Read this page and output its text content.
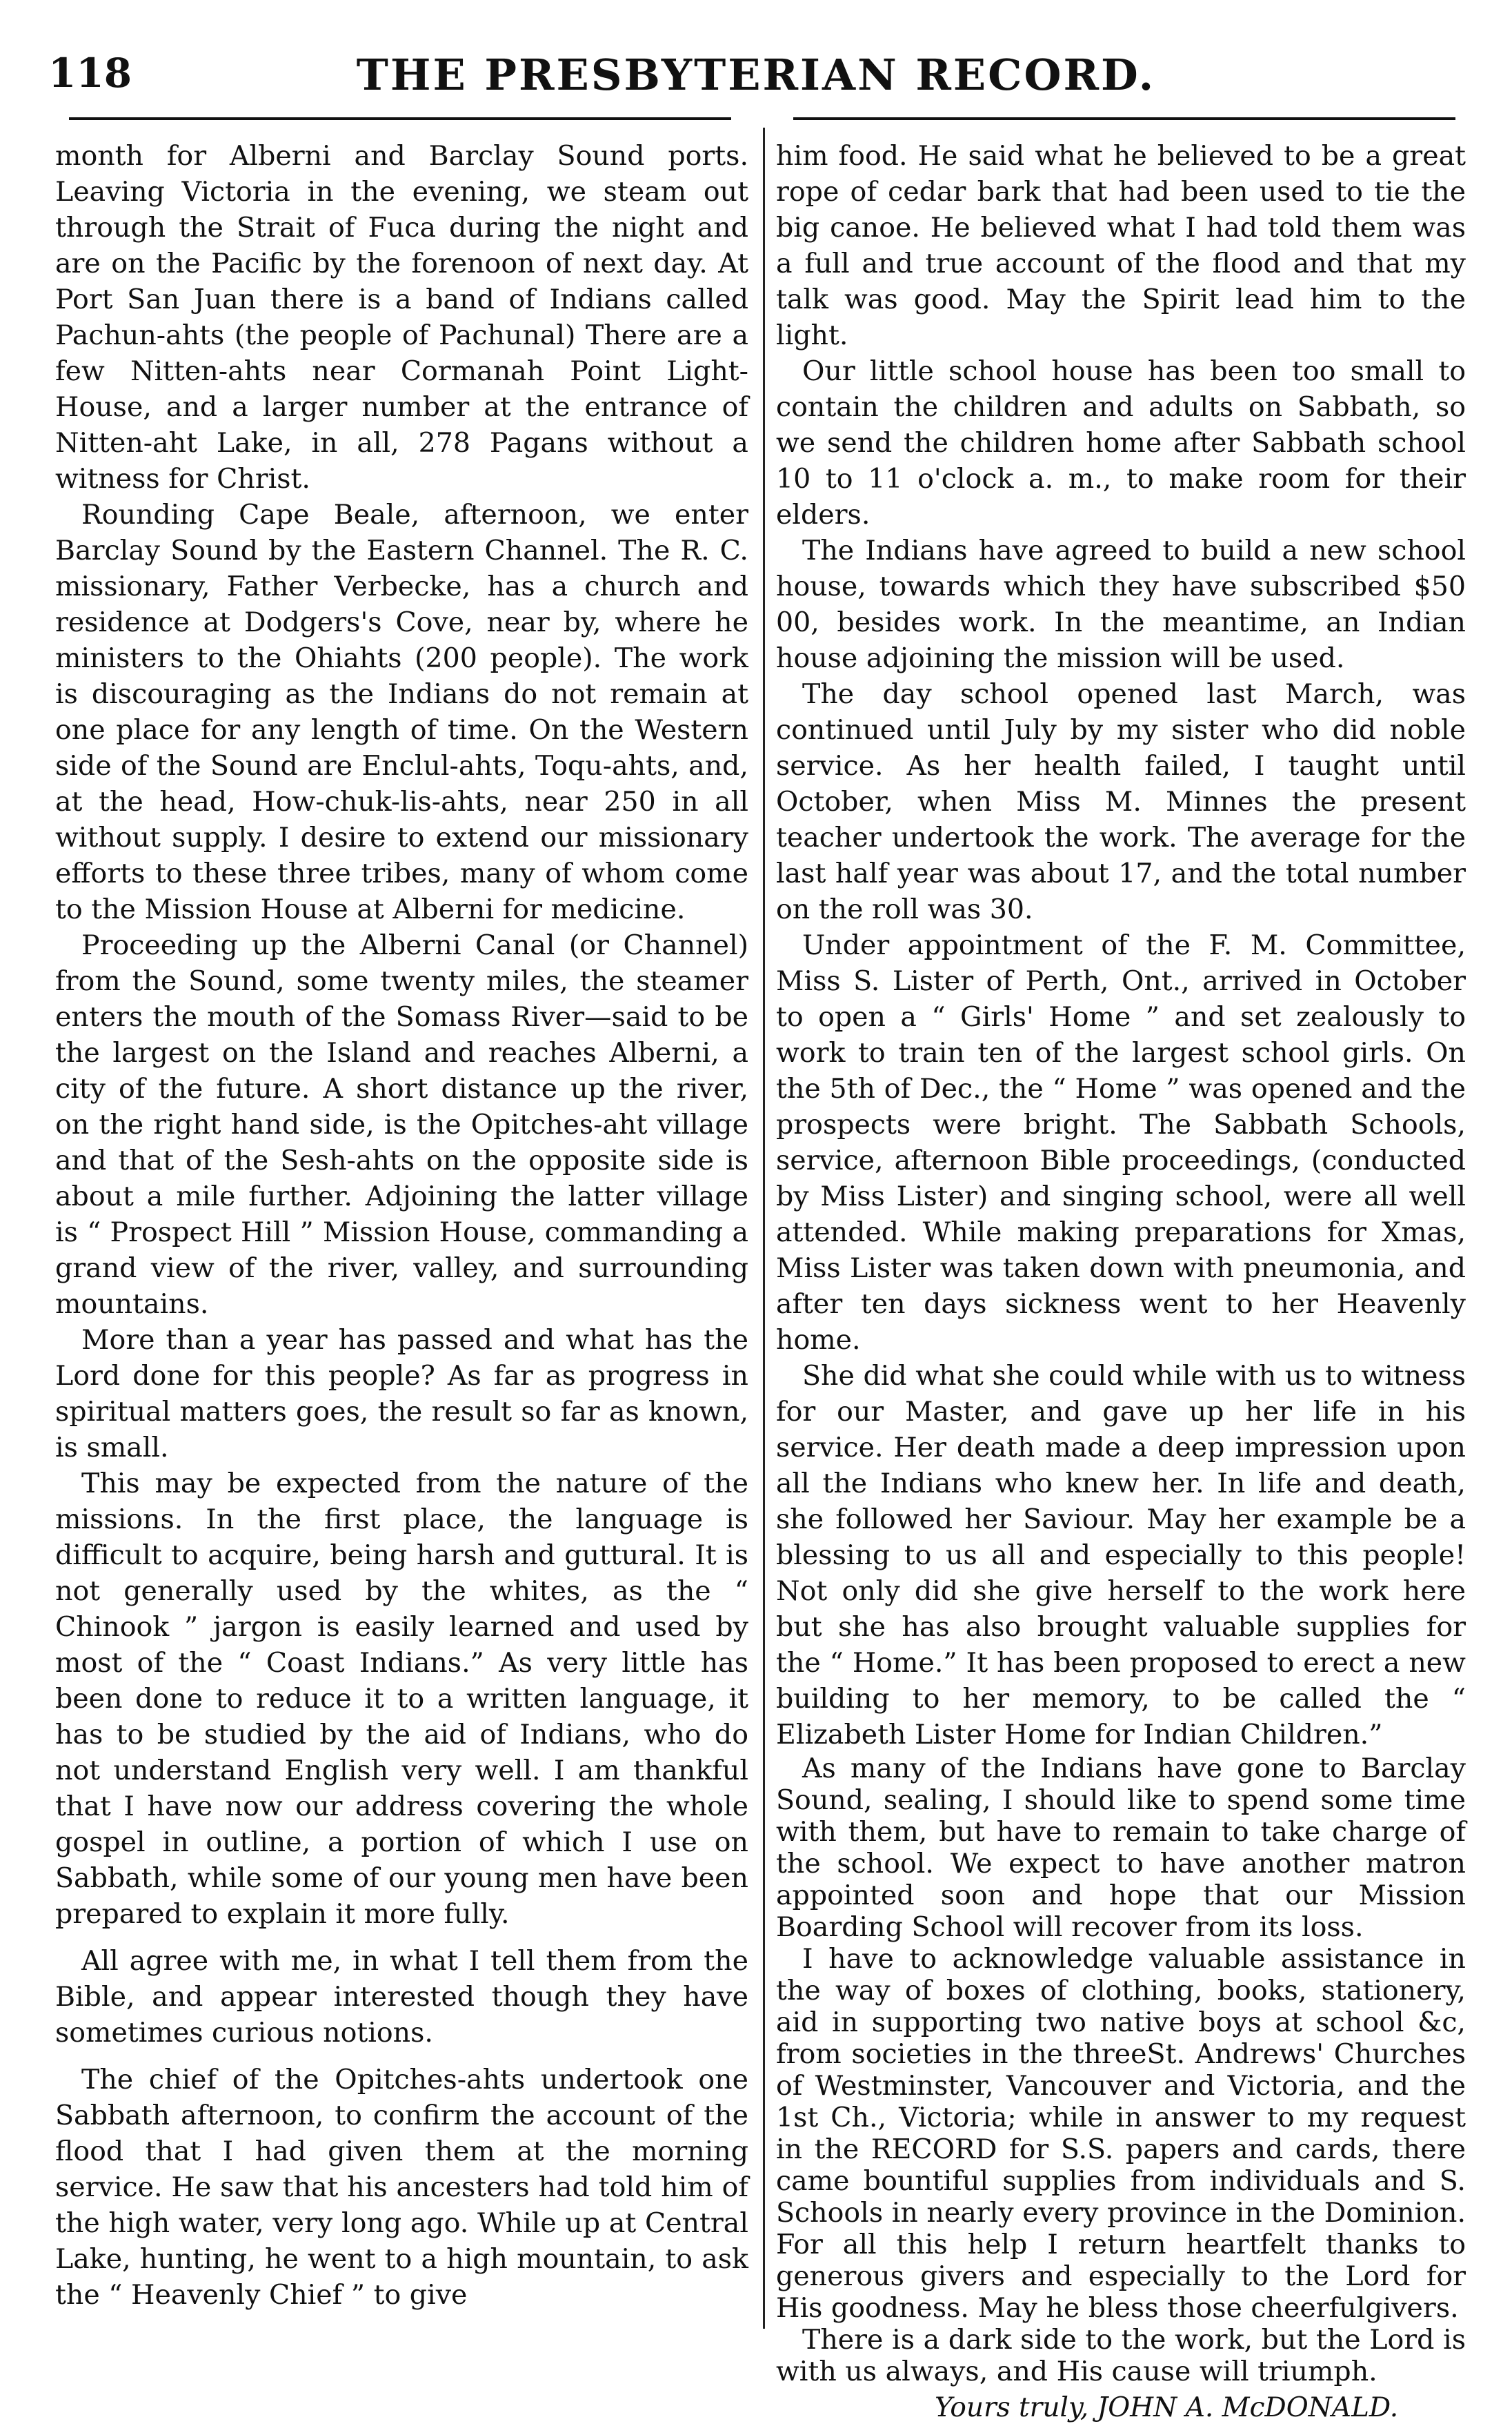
118	THE PRESBYTERIAN RECORD.

month for Alberni and Barclay Sound ports. Leaving Victoria in the evening, we steam out through the Strait of Fuca during the night and are on the Pacific by the forenoon of next day. At Port San Juan there is a band of Indians called Pachun-ahts (the people of Pachunal) There are a few Nitten-ahts near Cormanah Point Light-House, and a larger number at the entrance of Nitten-aht Lake, in all, 278 Pagans without a witness for Christ.

Rounding Cape Beale, afternoon, we enter Barclay Sound by the Eastern Channel. The R. C. missionary, Father Verbecke, has a church and residence at Dodgers's Cove, near by, where he ministers to the Ohiahts (200 people). The work is discouraging as the Indians do not remain at one place for any length of time. On the Western side of the Sound are Enclul-ahts, Toqu-ahts, and, at the head, How-chuk-lis-ahts, near 250 in all without supply. I desire to extend our missionary efforts to these three tribes, many of whom come to the Mission House at Alberni for medicine.

Proceeding up the Alberni Canal (or Channel) from the Sound, some twenty miles, the steamer enters the mouth of the Somass River—said to be the largest on the Island and reaches Alberni, a city of the future. A short distance up the river, on the right hand side, is the Opitches-aht village and that of the Sesh-ahts on the opposite side is about a mile further. Adjoining the latter village is “ Prospect Hill ” Mission House, commanding a grand view of the river, valley, and surrounding mountains.

More than a year has passed and what has the Lord done for this people? As far as progress in spiritual matters goes, the result so far as known, is small.

This may be expected from the nature of the missions. In the first place, the language is difficult to acquire, being harsh and guttural. It is not generally used by the whites, as the “ Chinook ” jargon is easily learned and used by most of the “ Coast Indians.” As very little has been done to reduce it to a written language, it has to be studied by the aid of Indians, who do not understand English very well. I am thankful that I have now our address covering the whole gospel in outline, a portion of which I use on Sabbath, while some of our young men have been prepared to explain it more fully.

All agree with me, in what I tell them from the Bible, and appear interested though they have sometimes curious notions.

The chief of the Opitches-ahts undertook one Sabbath afternoon, to confirm the account of the flood that I had given them at the morning service. He saw that his ancesters had told him of the high water, very long ago. While up at Central Lake, hunting, he went to a high mountain, to ask the “ Heavenly Chief ” to give

him food. He said what he believed to be a great rope of cedar bark that had been used to tie the big canoe. He believed what I had told them was a full and true account of the flood and that my talk was good. May the Spirit lead him to the light.

Our little school house has been too small to contain the children and adults on Sabbath, so we send the children home after Sabbath school 10 to 11 o'clock a. m., to make room for their elders.

The Indians have agreed to build a new school house, towards which they have subscribed $50 00, besides work. In the meantime, an Indian house adjoining the mission will be used.

The day school opened last March, was continued until July by my sister who did noble service. As her health failed, I taught until October, when Miss M. Minnes the present teacher undertook the work. The average for the last half year was about 17, and the total number on the roll was 30.

Under appointment of the F. M. Committee, Miss S. Lister of Perth, Ont., arrived in October to open a “ Girls' Home ” and set zealously to work to train ten of the largest school girls. On the 5th of Dec., the “ Home ” was opened and the prospects were bright. The Sabbath Schools, service, afternoon Bible proceedings, (conducted by Miss Lister) and singing school, were all well attended. While making preparations for Xmas, Miss Lister was taken down with pneumonia, and after ten days sickness went to her Heavenly home.

She did what she could while with us to witness for our Master, and gave up her life in his service. Her death made a deep impression upon all the Indians who knew her. In life and death, she followed her Saviour. May her example be a blessing to us all and especially to this people! Not only did she give herself to the work here but she has also brought valuable supplies for the “ Home.” It has been proposed to erect a new building to her memory, to be called the “ Elizabeth Lister Home for Indian Children.”

As many of the Indians have gone to Barclay Sound, sealing, I should like to spend some time with them, but have to remain to take charge of the school. We expect to have another matron appointed soon and hope that our Mission Boarding School will recover from its loss.

I have to acknowledge valuable assistance in the way of boxes of clothing, books, stationery, aid in supporting two native boys at school &c, from societies in the threeSt. Andrews' Churches of Westminster, Vancouver and Victoria, and the 1st Ch., Victoria; while in answer to my request in the RECORD for S.S. papers and cards, there came bountiful supplies from individuals and S. Schools in nearly every province in the Dominion. For all this help I return heartfelt thanks to generous givers and especially to the Lord for His goodness. May he bless those cheerfulgivers.

There is a dark side to the work, but the Lord is with us always, and His cause will triumph.

Yours truly, JOHN A. McDONALD.
